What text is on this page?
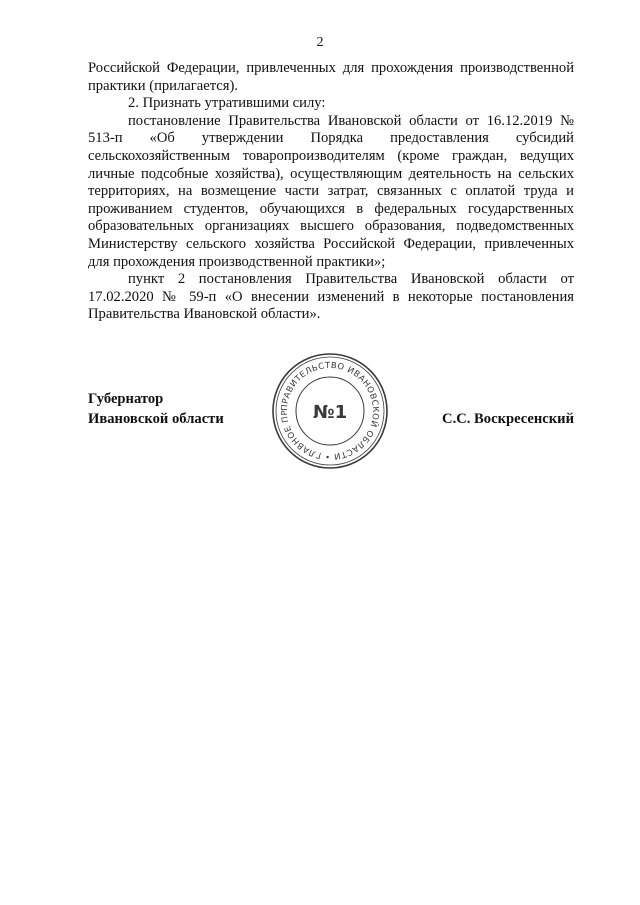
2

Российской Федерации, привлеченных для прохождения производственной практики (прилагается).

2. Признать утратившими силу:

постановление Правительства Ивановской области от 16.12.2019 № 513-п «Об утверждении Порядка предоставления субсидий сельскохозяйственным товаропроизводителям (кроме граждан, ведущих личные подсобные хозяйства), осуществляющим деятельность на сельских территориях, на возмещение части затрат, связанных с оплатой труда и проживанием студентов, обучающихся в федеральных государственных образовательных организациях высшего образования, подведомственных Министерству сельского хозяйства Российской Федерации, привлеченных для прохождения производственной практики»;

пункт 2 постановления Правительства Ивановской области от 17.02.2020 № 59-п «О внесении изменений в некоторые постановления Правительства Ивановской области».

Губернатор
Ивановской области	С.С. Воскресенский
ПРАВИТЕЛЬСТВО ИВАНОВСКОЙ ОБЛАСТИ • ГЛАВНОЕ ПР	№1
